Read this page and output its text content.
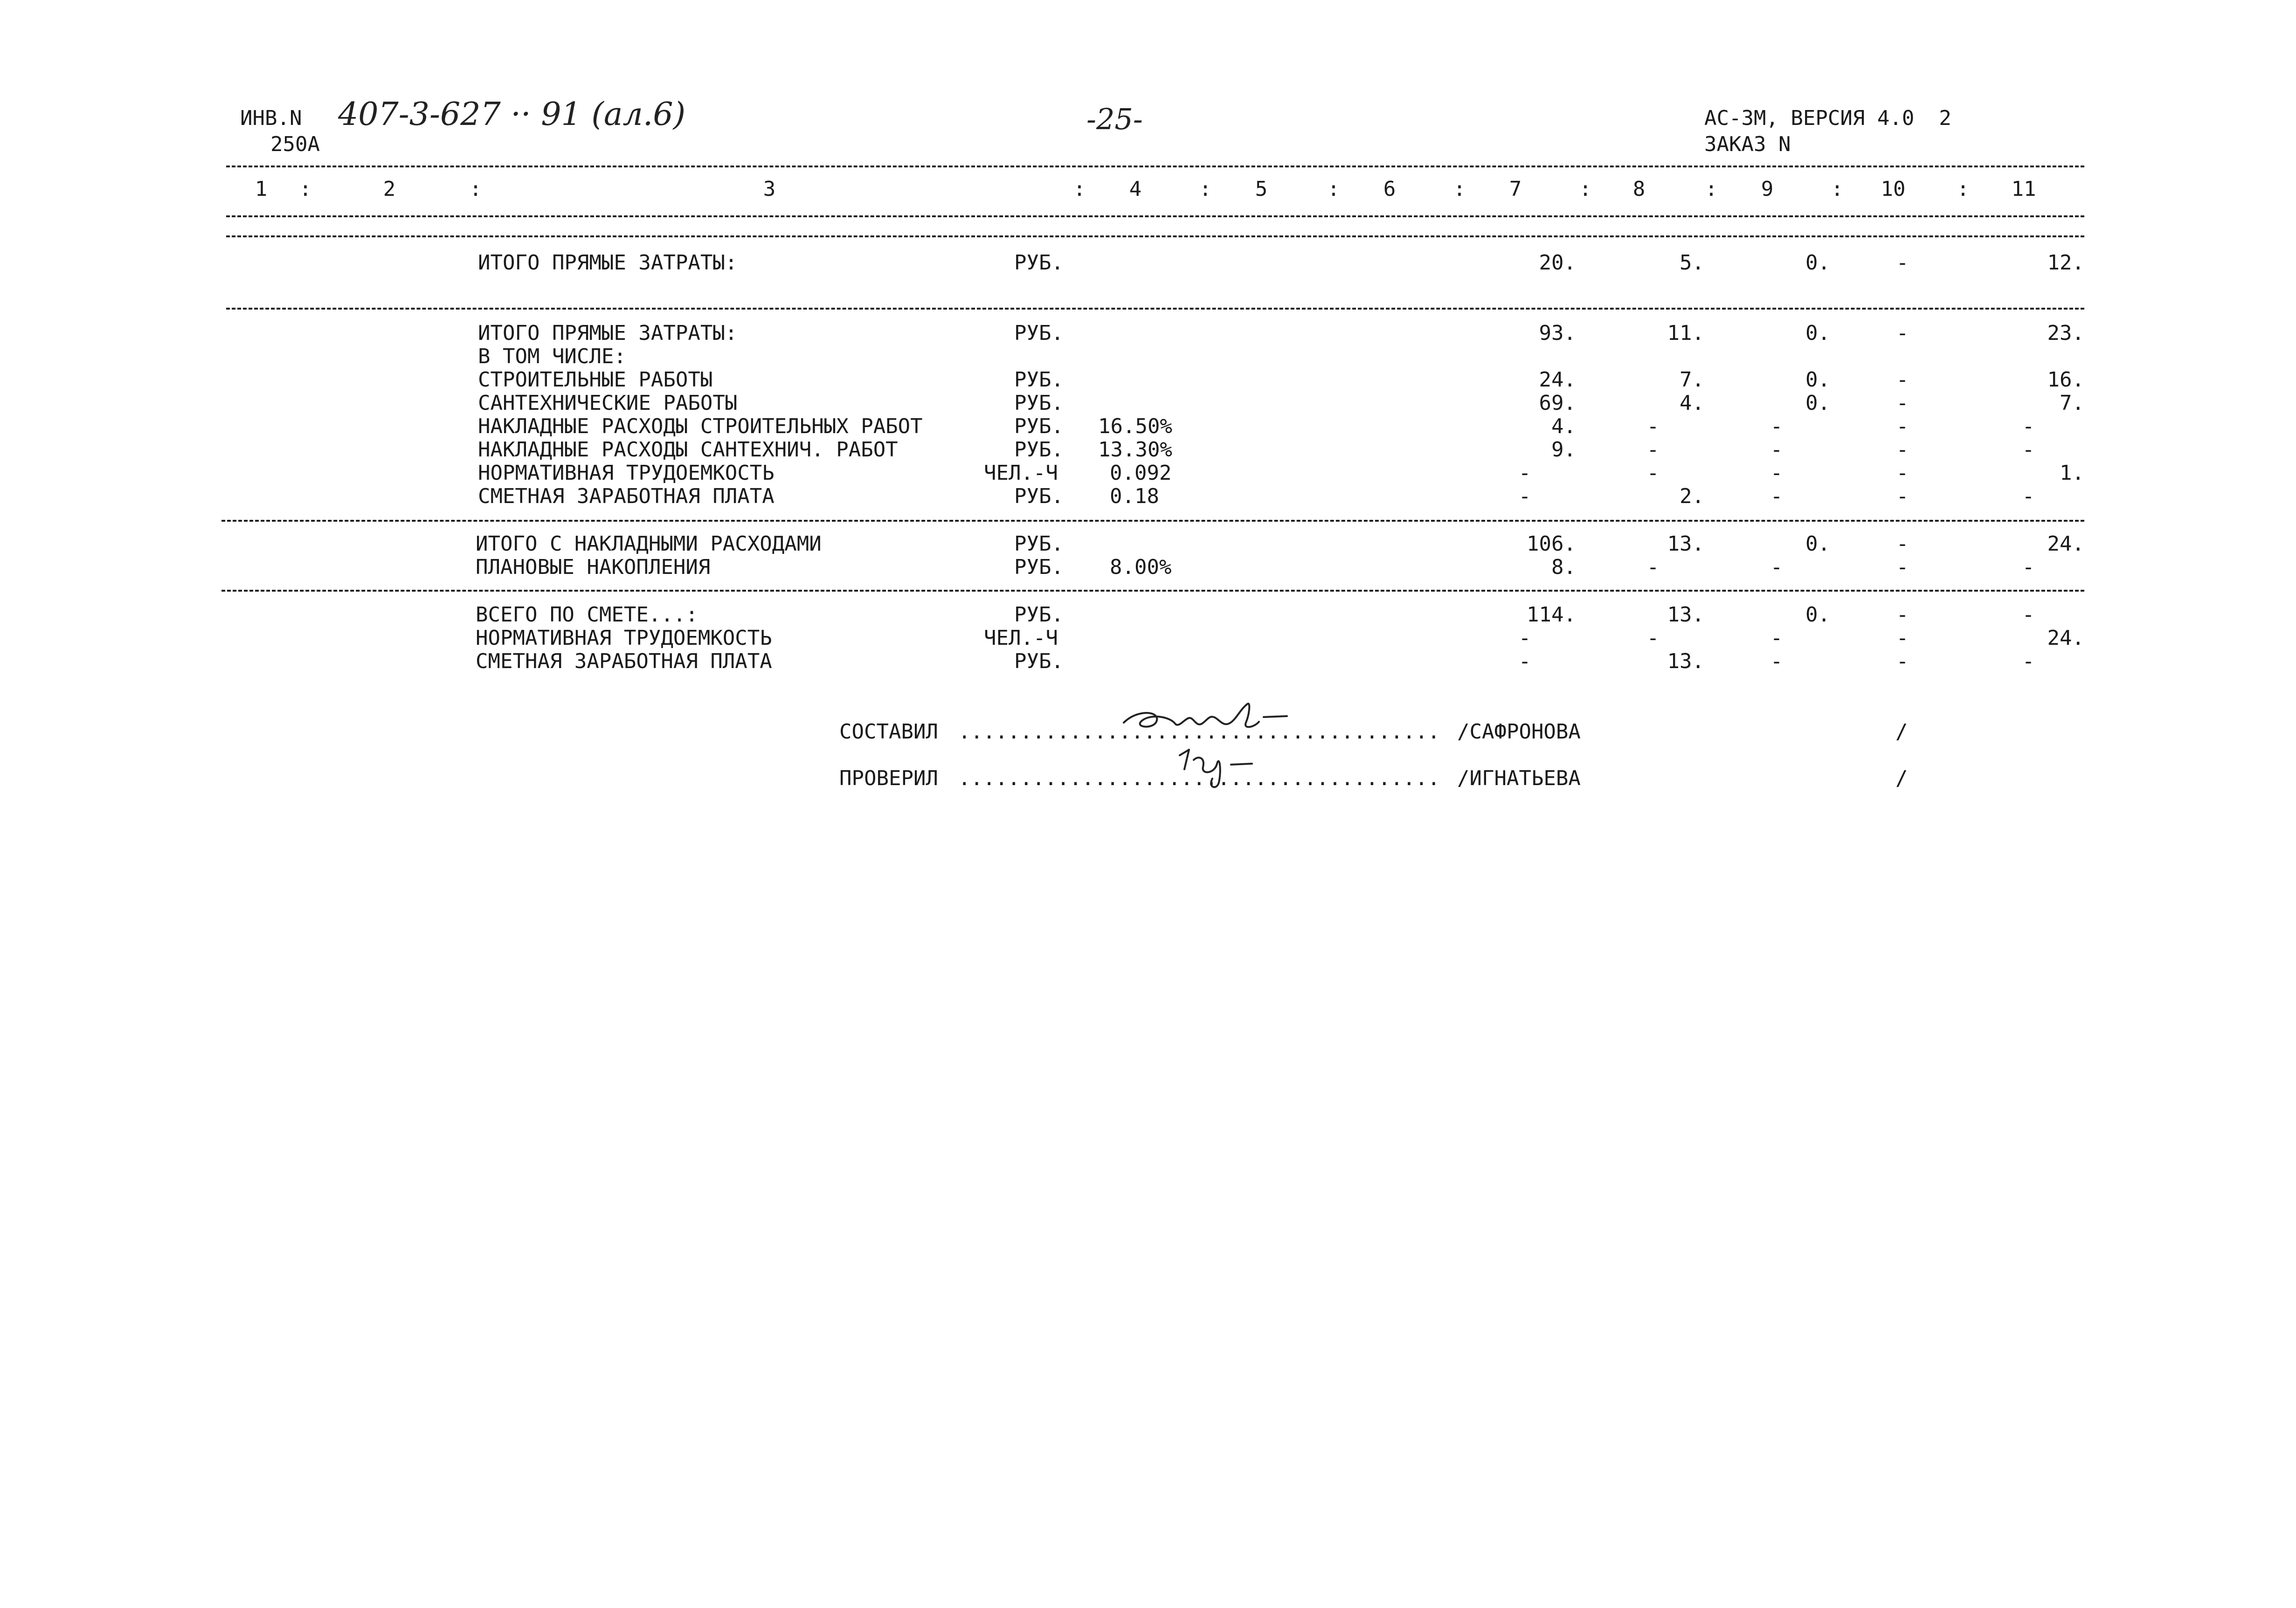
ИНВ.N 407-3-627 ·· 91 (ал.6)
250А
-25-	АС-ЗМ, ВЕРСИЯ 4.0  2
ЗАКАЗ N
1 :	2	:	3	: 4	: 5	: 6	: 7	: 8	: 9	:	10	:	11
ИТОГО ПРЯМЫЕ ЗАТРАТЫ:	РУБ.	20.	5.	0.	-	12.
ИТОГО ПРЯМЫЕ ЗАТРАТЫ:	РУБ.	93.	11.	0.	-	23.
В ТОМ ЧИСЛЕ:
СТРОИТЕЛЬНЫЕ РАБОТЫ	РУБ.	24.	7.	0.	-	16.
САНТЕХНИЧЕСКИЕ РАБОТЫ	РУБ.	69.	4.	0.	-	7.
НАКЛАДНЫЕ РАСХОДЫ СТРОИТЕЛЬНЫХ РАБОТ	РУБ. 16.50%	4.	-	-	-	-
НАКЛАДНЫЕ РАСХОДЫ САНТЕХНИЧ. РАБОТ	РУБ. 13.30%	9.	-	-	-	-
НОРМАТИВНАЯ ТРУДОЕМКОСТЬ	ЧЕЛ.-Ч	0.092	-	-	-	-	1.
СМЕТНАЯ ЗАРАБОТНАЯ ПЛАТА	РУБ. 0.18	-	2.	-	-	-
ИТОГО С НАКЛАДНЫМИ РАСХОДАМИ	РУБ.	106.	13.	0.	-	24.
ПЛАНОВЫЕ НАКОПЛЕНИЯ	РУБ. 8.00%	8.	-	-	-	-
ВСЕГО ПО СМЕТЕ...:	РУБ.	114.	13.	0.	-	-
НОРМАТИВНАЯ ТРУДОЕМКОСТЬ	ЧЕЛ.-Ч	-	-	-	-	24.
СМЕТНАЯ ЗАРАБОТНАЯ ПЛАТА	РУБ.	-	13.	-	-	-
СОСТАВИЛ ....................................... /САФРОНОВА	/
ПРОВЕРИЛ ....................................... /ИГНАТЬЕВА	/
